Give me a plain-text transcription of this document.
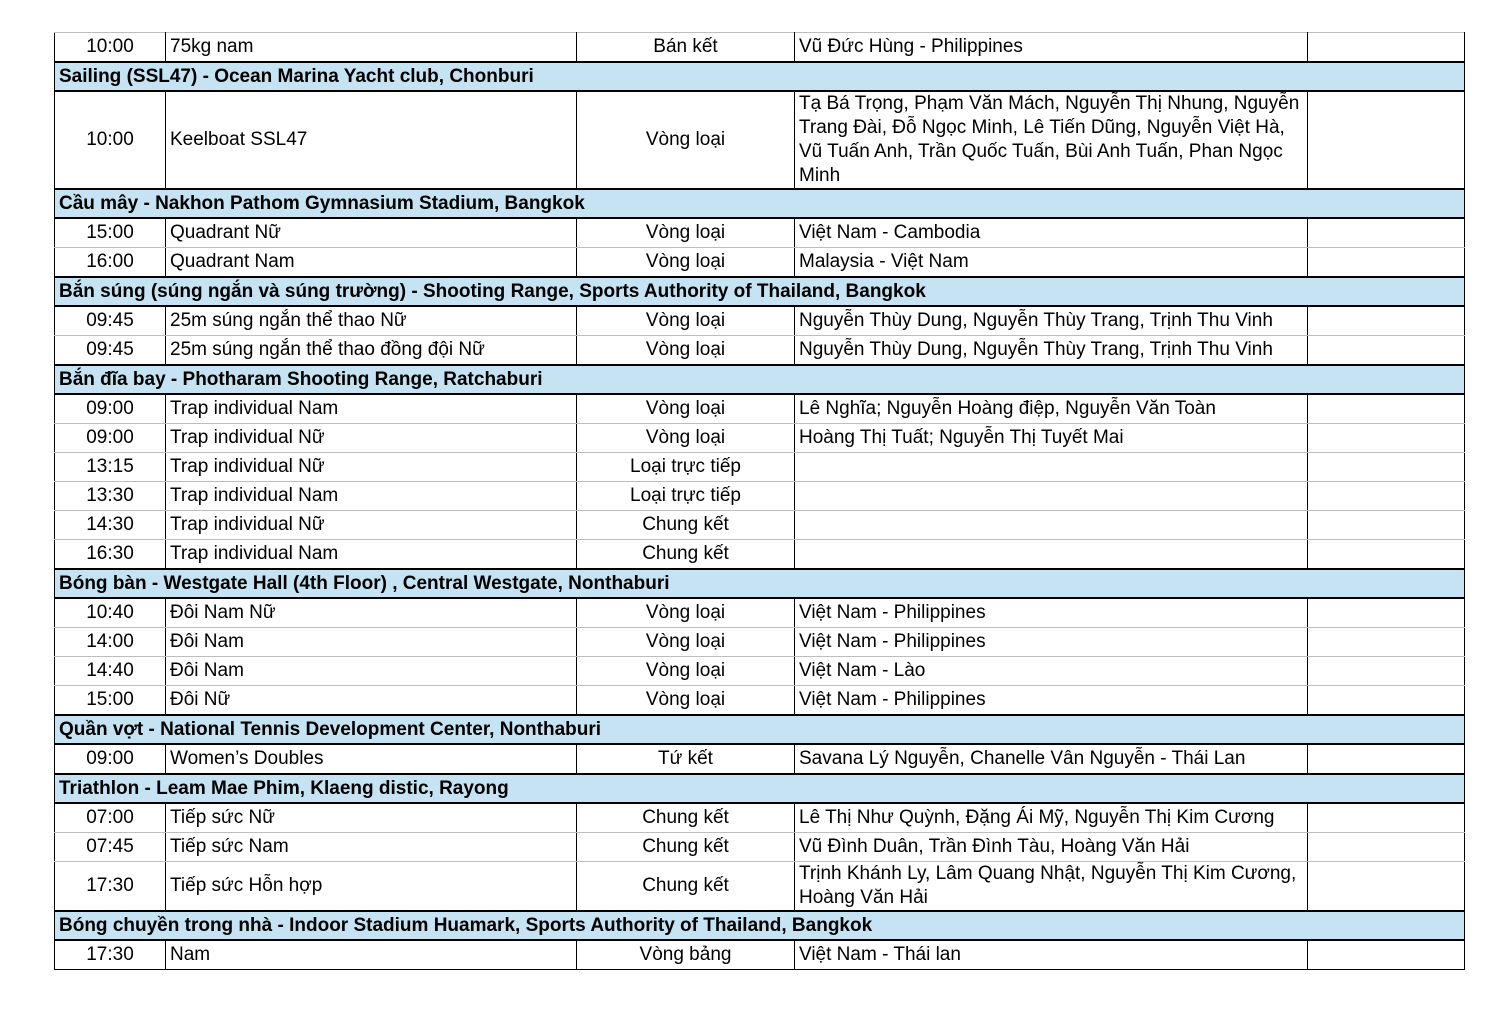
10:00	75kg nam	Bán kết	Vũ Đức Hùng - Philippines	
Sailing (SSL47) - Ocean Marina Yacht club, Chonburi				
10:00	Keelboat SSL47	Vòng loại	Tạ Bá Trọng, Phạm Văn Mách, Nguyễn Thị Nhung, Nguyễn Trang Đài, Đỗ Ngọc Minh, Lê Tiến Dũng, Nguyễn Việt Hà, Vũ Tuấn Anh, Trần Quốc Tuấn, Bùi Anh Tuấn, Phan Ngọc Minh	
Cầu mây - Nakhon Pathom Gymnasium Stadium, Bangkok				
15:00	Quadrant Nữ	Vòng loại	Việt Nam - Cambodia	
16:00	Quadrant Nam	Vòng loại	Malaysia - Việt Nam	
Bắn súng (súng ngắn và súng trường) - Shooting Range, Sports Authority of Thailand, Bangkok				
09:45	25m súng ngắn thể thao Nữ	Vòng loại	Nguyễn Thùy Dung, Nguyễn Thùy Trang, Trịnh Thu Vinh	
09:45	25m súng ngắn thể thao đồng đội Nữ	Vòng loại	Nguyễn Thùy Dung, Nguyễn Thùy Trang, Trịnh Thu Vinh	
Bắn đĩa bay - Photharam Shooting Range, Ratchaburi				
09:00	Trap individual Nam	Vòng loại	Lê Nghĩa; Nguyễn Hoàng điệp, Nguyễn Văn Toàn	
09:00	Trap individual Nữ	Vòng loại	Hoàng Thị Tuất; Nguyễn Thị Tuyết Mai	
13:15	Trap individual Nữ	Loại trực tiếp		
13:30	Trap individual Nam	Loại trực tiếp		
14:30	Trap individual Nữ	Chung kết		
16:30	Trap individual Nam	Chung kết		
Bóng bàn - Westgate Hall (4th Floor) , Central Westgate, Nonthaburi				
10:40	Đôi Nam Nữ	Vòng loại	Việt Nam - Philippines	
14:00	Đôi Nam	Vòng loại	Việt Nam - Philippines	
14:40	Đôi Nam	Vòng loại	Việt Nam - Lào	
15:00	Đôi Nữ	Vòng loại	Việt Nam - Philippines	
Quần vợt - National Tennis Development Center, Nonthaburi				
09:00	Women’s Doubles	Tứ kết	Savana Lý Nguyễn, Chanelle Vân Nguyễn - Thái Lan	
Triathlon - Leam Mae Phim, Klaeng distic, Rayong				
07:00	Tiếp sức Nữ	Chung kết	Lê Thị Như Quỳnh, Đặng Ái Mỹ, Nguyễn Thị Kim Cương	
07:45	Tiếp sức Nam	Chung kết	Vũ Đình Duân, Trần Đình Tàu, Hoàng Văn Hải	
17:30	Tiếp sức Hỗn hợp	Chung kết	Trịnh Khánh Ly, Lâm Quang Nhật, Nguyễn Thị Kim Cương, Hoàng Văn Hải	
Bóng chuyền trong nhà - Indoor Stadium Huamark, Sports Authority of Thailand, Bangkok				
17:30	Nam	Vòng bảng	Việt Nam - Thái lan	
